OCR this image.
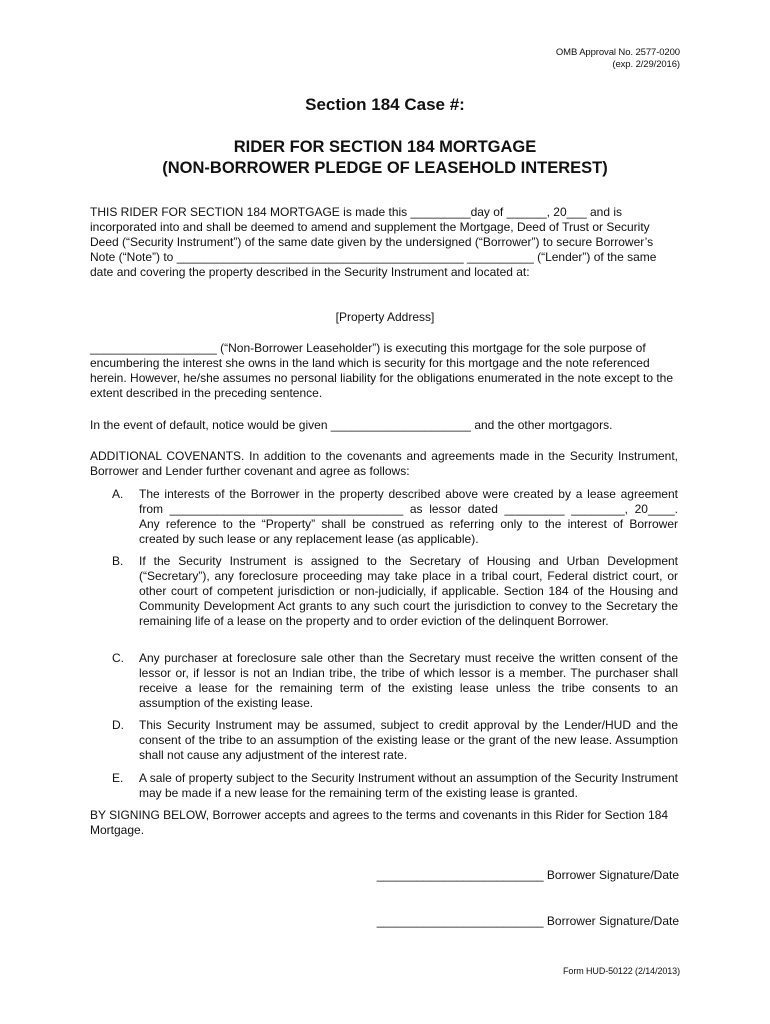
OMB Approval No. 2577-0200
(exp. 2/29/2016)
Section 184 Case #:
RIDER FOR SECTION 184 MORTGAGE
(NON-BORROWER PLEDGE OF LEASEHOLD INTEREST)
THIS RIDER FOR SECTION 184 MORTGAGE is made this _________day of ______, 20___ and is incorporated into and shall be deemed to amend and supplement the Mortgage, Deed of Trust or Security Deed (“Security Instrument”) of the same date given by the undersigned (“Borrower”) to secure Borrower’s Note (“Note”) to ___________________________________________ __________ (“Lender”) of the same date and covering the property described in the Security Instrument and located at:
[Property Address]
___________________ (“Non-Borrower Leaseholder”) is executing this mortgage for the sole purpose of encumbering the interest she owns in the land which is security for this mortgage and the note referenced herein. However, he/she assumes no personal liability for the obligations enumerated in the note except to the extent described in the preceding sentence.
In the event of default, notice would be given _____________________ and the other mortgagors.
ADDITIONAL COVENANTS. In addition to the covenants and agreements made in the Security Instrument, Borrower and Lender further covenant and agree as follows:
A. The interests of the Borrower in the property described above were created by a lease agreement from ___________________________________ as lessor dated _________ ________, 20____. Any reference to the “Property” shall be construed as referring only to the interest of Borrower created by such lease or any replacement lease (as applicable).
B. If the Security Instrument is assigned to the Secretary of Housing and Urban Development (“Secretary”), any foreclosure proceeding may take place in a tribal court, Federal district court, or other court of competent jurisdiction or non-judicially, if applicable. Section 184 of the Housing and Community Development Act grants to any such court the jurisdiction to convey to the Secretary the remaining life of a lease on the property and to order eviction of the delinquent Borrower.
C. Any purchaser at foreclosure sale other than the Secretary must receive the written consent of the lessor or, if lessor is not an Indian tribe, the tribe of which lessor is a member. The purchaser shall receive a lease for the remaining term of the existing lease unless the tribe consents to an assumption of the existing lease.
D. This Security Instrument may be assumed, subject to credit approval by the Lender/HUD and the consent of the tribe to an assumption of the existing lease or the grant of the new lease. Assumption shall not cause any adjustment of the interest rate.
E. A sale of property subject to the Security Instrument without an assumption of the Security Instrument may be made if a new lease for the remaining term of the existing lease is granted.
BY SIGNING BELOW, Borrower accepts and agrees to the terms and covenants in this Rider for Section 184 Mortgage.
_________________________ Borrower Signature/Date
_________________________ Borrower Signature/Date
Form HUD-50122 (2/14/2013)
